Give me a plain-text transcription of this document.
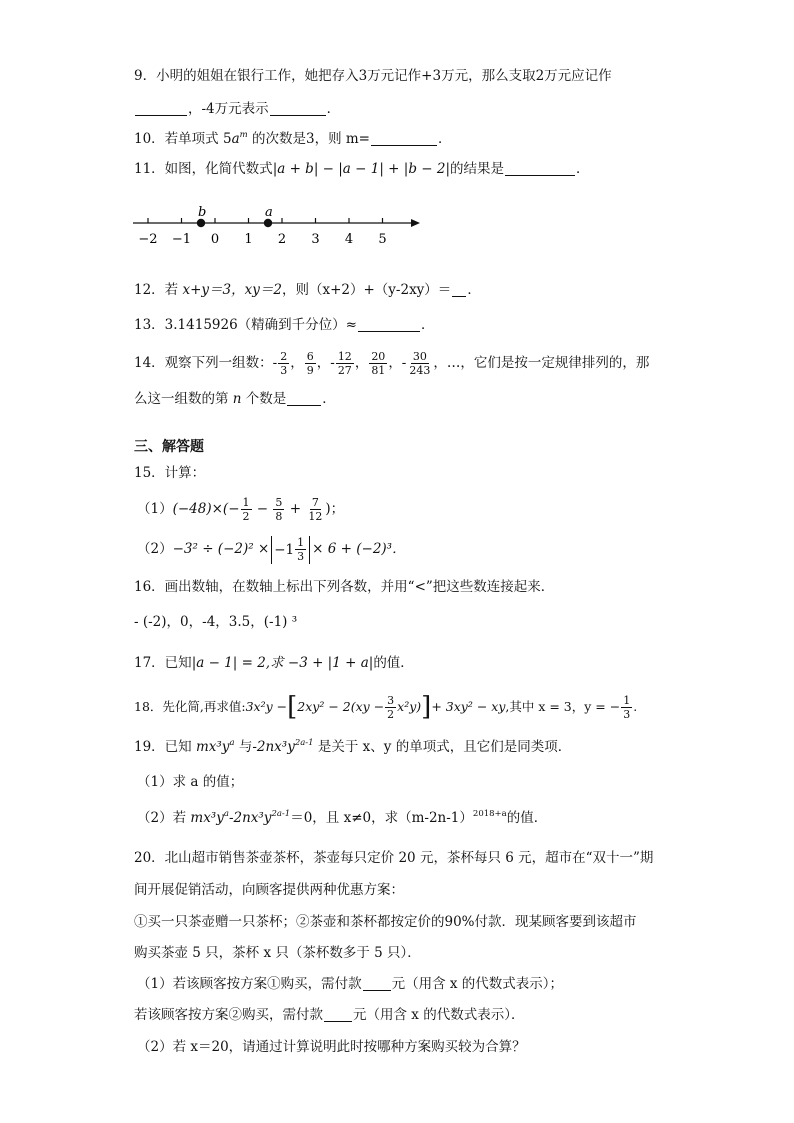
9．小明的姐姐在银行工作，她把存入3万元记作+3万元，那么支取2万元应记作
，-4万元表示	．
10．若单项式 $5a^m$ 的次数是3，则 m=	．
11．如图，化简代数式|a + b| − |a − 1| + |b − 2|的结果是	．
−2 −1 0 1 2 3 4 5
b	a
12．若 x+y＝3，xy＝2，则（x+2）+（y-2xy）＝ ．
13．3.1415926（精确到千分位）≈	．
14．观察下列一组数：- $\frac{2}{3}$ ， $\frac{6}{9}$ ，- $\frac{12}{27}$ ， $\frac{20}{81}$ ，- $\frac{30}{243}$ ，…，它们是按一定规律排列的，那
么这一组数的第 n 个数是	．
三、解答题
15．计算：
$(1)(-48)\times(- \frac{1}{2} - \frac{5}{8} + \frac{7}{12}$ )；
$(2)-3^2 \div (-2)^2 \times -1 \frac{1}{3} \times 6 + (-2)^3$．
16．画出数轴，在数轴上标出下列各数，并用“<”把这些数连接起来．
- (-2)，0，-4，3.5，(-1) ³
17．已知|a − 1| = 2,求 −3 + |1 + a|的值．
18．先化简,再求值:3x²y $-[2xy^2 - 2(xy - \frac{3}{2} x^2y)]+ 3xy^2$ − xy,其中 x = 3，y = − $\frac{1}{3}$ .
19．已知 $mx^3y^a$ 与$-2nx^3y^{2a-1}$ 是关于 x、y 的单项式，且它们是同类项．
（1）求 a 的值；
（2）若 $mx^3y^a-2nx^3y^{2a-1}=0$，且 x≠0，求$(m-2n-1)^{2018+a}$的值．
20．北山超市销售茶壶茶杯，茶壶每只定价 20 元，茶杯每只 6 元，超市在“双十一”期
间开展促销活动，向顾客提供两种优惠方案：
①买一只茶壶赠一只茶杯；②茶壶和茶杯都按定价的90%付款．现某顾客要到该超市
购买茶壶 5 只，茶杯 x 只（茶杯数多于 5 只）．
（1）若该顾客按方案①购买，需付款 元（用含 x 的代数式表示）；
若该顾客按方案②购买，需付款 元（用含 x 的代数式表示）．
（2）若 x＝20，请通过计算说明此时按哪种方案购买较为合算？
